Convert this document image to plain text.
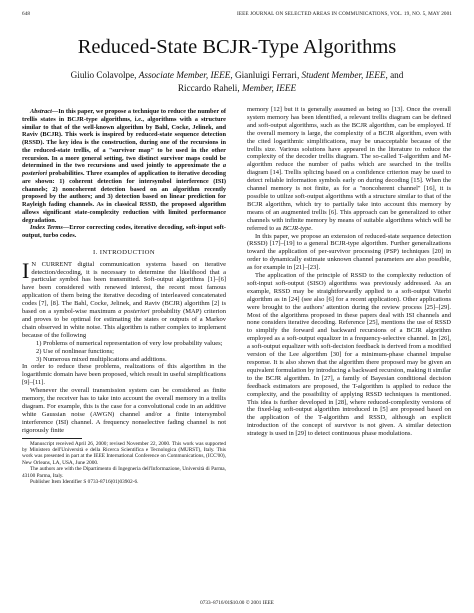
648	IEEE JOURNAL ON SELECTED AREAS IN COMMUNICATIONS, VOL. 19, NO. 5, MAY 2001
Reduced-State BCJR-Type Algorithms
Giulio Colavolpe, Associate Member, IEEE, Gianluigi Ferrari, Student Member, IEEE, and
Riccardo Raheli, Member, IEEE

Abstract—In this paper, we propose a technique to reduce the number of trellis states in BCJR-type algorithms, i.e., algorithms with a structure similar to that of the well-known algorithm by Bahl, Cocke, Jelinek, and Raviv (BCJR). This work is inspired by reduced-state sequence detection (RSSD). The key idea is the construction, during one of the recursions in the reduced-state trellis, of a "survivor map" to be used in the other recursion. In a more general setting, two distinct survivor maps could be determined in the two recursions and used jointly to approximate the a posteriori probabilities. Three examples of application to iterative decoding are shown: 1) coherent detection for intersymbol interference (ISI) channels; 2) noncoherent detection based on an algorithm recently proposed by the authors; and 3) detection based on linear prediction for Rayleigh fading channels. As in classical RSSD, the proposed algorithm allows significant state-complexity reduction with limited performance degradation.

Index Terms—Error correcting codes, iterative decoding, soft-input soft-output, turbo codes.

I. INTRODUCTION

I N CURRENT digital communication systems based on iterative detection/decoding, it is necessary to determine the likelihood that a particular symbol has been transmitted. Soft-output algorithms [1]–[6] have been considered with renewed interest, the recent most famous application of them being the iterative decoding of interleaved concatenated codes [7], [8]. The Bahl, Cocke, Jelinek, and Raviv (BCJR) algorithm [2] is based on a symbol-wise maximum a posteriori probability (MAP) criterion and proves to be optimal for estimating the states or outputs of a Markov chain observed in white noise. This algorithm is rather complex to implement because of the following

1) Problems of numerical representation of very low probability values;

2) Use of nonlinear functions;

3) Numerous mixed multiplications and additions.

In order to reduce these problems, realizations of this algorithm in the logarithmic domain have been proposed, which result in useful simplifications [9]–[11].

Whenever the overall transmission system can be considered as finite memory, the receiver has to take into account the overall memory in a trellis diagram. For example, this is the case for a convolutional code in an additive white Gaussian noise (AWGN) channel and/or a finite intersymbol interference (ISI) channel. A frequency nonselective fading channel is not rigorously finite

Manuscript received April 26, 2000; revised November 22, 2000. This work was supported by Ministero dell'Università e della Ricerca Scientifica e Tecnologica (MURST), Italy. This work was presented in part at the IEEE International Conference on Communications, (ICC'00), New Orleans, LA, USA, June 2000.

The authors are with the Dipartimento di Ingegneria dell'Informazione, Università di Parma, 43100 Parma, Italy.

Publisher Item Identifier S 0733-8716(01)03902-6.

memory [12] but it is generally assumed as being so [13]. Once the overall system memory has been identified, a relevant trellis diagram can be defined and soft-output algorithms, such as the BCJR algorithm, can be employed. If the overall memory is large, the complexity of a BCJR algorithm, even with the cited logarithmic simplifications, may be unacceptable because of the trellis size. Various solutions have appeared in the literature to reduce the complexity of the decoder trellis diagram. The so-called T-algorithm and M-algorithm reduce the number of paths which are searched in the trellis diagram [14]. Trellis splicing based on a confidence criterion may be used to detect reliable information symbols early on during decoding [15]. When the channel memory is not finite, as for a "noncoherent channel" [16], it is possible to utilize soft-output algorithms with a structure similar to that of the BCJR algorithm, which try to partially take into account this memory by means of an augmented trellis [6]. This approach can be generalized to other channels with infinite memory by means of suitable algorithms which will be referred to as BCJR-type.

In this paper, we propose an extension of reduced-state sequence detection (RSSD) [17]–[19] to a general BCJR-type algorithm. Further generalizations toward the application of per-survivor processing (PSP) techniques [20] in order to dynamically estimate unknown channel parameters are also possible, as for example in [21]–[23].

The application of the principle of RSSD to the complexity reduction of soft-input soft-output (SISO) algorithms was previously addressed. As an example, RSSD may be straightforwardly applied to a soft-output Viterbi algorithm as in [24] (see also [6] for a recent application). Other applications were brought to the authors' attention during the review process [25]–[29]. Most of the algorithms proposed in these papers deal with ISI channels and none considers iterative decoding. Reference [25], mentions the use of RSSD to simplify the forward and backward recursions of a BCJR algorithm employed as a soft-output equalizer in a frequency-selective channel. In [26], a soft-output equalizer with soft-decision feedback is derived from a modified version of the Lee algorithm [30] for a minimum-phase channel impulse response. It is also shown that the algorithm there proposed may be given an equivalent formulation by introducing a backward recursion, making it similar to the BCJR algorithm. In [27], a family of Bayesian conditional decision feedback estimators are proposed, the T-algorithm is applied to reduce the complexity, and the possibility of applying RSSD techniques is mentioned. This idea is further developed in [28], where reduced-complexity versions of the fixed-lag soft-output algorithm introduced in [5] are proposed based on the application of the T-algorithm and RSSD, although an explicit introduction of the concept of survivor is not given. A similar detection strategy is used in [29] to detect continuous phase modulations.

0733–8716/01$10.00 © 2001 IEEE
